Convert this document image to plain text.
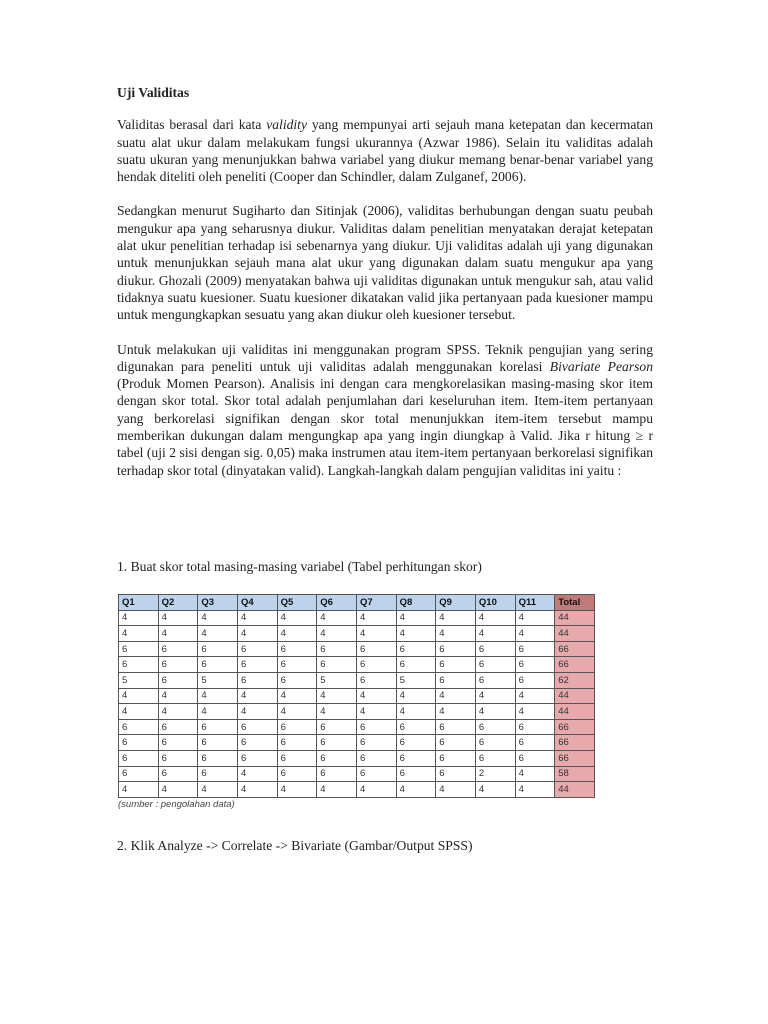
Uji Validitas

Validitas berasal dari kata validity yang mempunyai arti sejauh mana ketepatan dan kecermatan suatu alat ukur dalam melakukam fungsi ukurannya (Azwar 1986). Selain itu validitas adalah suatu ukuran yang menunjukkan bahwa variabel yang diukur memang benar-benar variabel yang hendak diteliti oleh peneliti (Cooper dan Schindler, dalam Zulganef, 2006).

Sedangkan menurut Sugiharto dan Sitinjak (2006), validitas berhubungan dengan suatu peubah mengukur apa yang seharusnya diukur. Validitas dalam penelitian menyatakan derajat ketepatan alat ukur penelitian terhadap isi sebenarnya yang diukur. Uji validitas adalah uji yang digunakan untuk menunjukkan sejauh mana alat ukur yang digunakan dalam suatu mengukur apa yang diukur. Ghozali (2009) menyatakan bahwa uji validitas digunakan untuk mengukur sah, atau valid tidaknya suatu kuesioner. Suatu kuesioner dikatakan valid jika pertanyaan pada kuesioner mampu untuk mengungkapkan sesuatu yang akan diukur oleh kuesioner tersebut.

Untuk melakukan uji validitas ini menggunakan program SPSS. Teknik pengujian yang sering digunakan para peneliti untuk uji validitas adalah menggunakan korelasi Bivariate Pearson (Produk Momen Pearson). Analisis ini dengan cara mengkorelasikan masing-masing skor item dengan skor total. Skor total adalah penjumlahan dari keseluruhan item. Item-item pertanyaan yang berkorelasi signifikan dengan skor total menunjukkan item-item tersebut mampu memberikan dukungan dalam mengungkap apa yang ingin diungkap à Valid. Jika r hitung ≥ r tabel (uji 2 sisi dengan sig. 0,05) maka instrumen atau item-item pertanyaan berkorelasi signifikan terhadap skor total (dinyatakan valid). Langkah-langkah dalam pengujian validitas ini yaitu :

1. Buat skor total masing-masing variabel (Tabel perhitungan skor)
Q1	Q2	Q3	Q4	Q5	Q6	Q7	Q8	Q9	Q10	Q11	Total
4	4	4	4	4	4	4	4	4	4	4	44
4	4	4	4	4	4	4	4	4	4	4	44
6	6	6	6	6	6	6	6	6	6	6	66
6	6	6	6	6	6	6	6	6	6	6	66
5	6	5	6	6	5	6	5	6	6	6	62
4	4	4	4	4	4	4	4	4	4	4	44
4	4	4	4	4	4	4	4	4	4	4	44
6	6	6	6	6	6	6	6	6	6	6	66
6	6	6	6	6	6	6	6	6	6	6	66
6	6	6	6	6	6	6	6	6	6	6	66
6	6	6	4	6	6	6	6	6	2	4	58
4	4	4	4	4	4	4	4	4	4	4	44
(sumber : pengolahan data)
2. Klik Analyze -> Correlate -> Bivariate (Gambar/Output SPSS)
